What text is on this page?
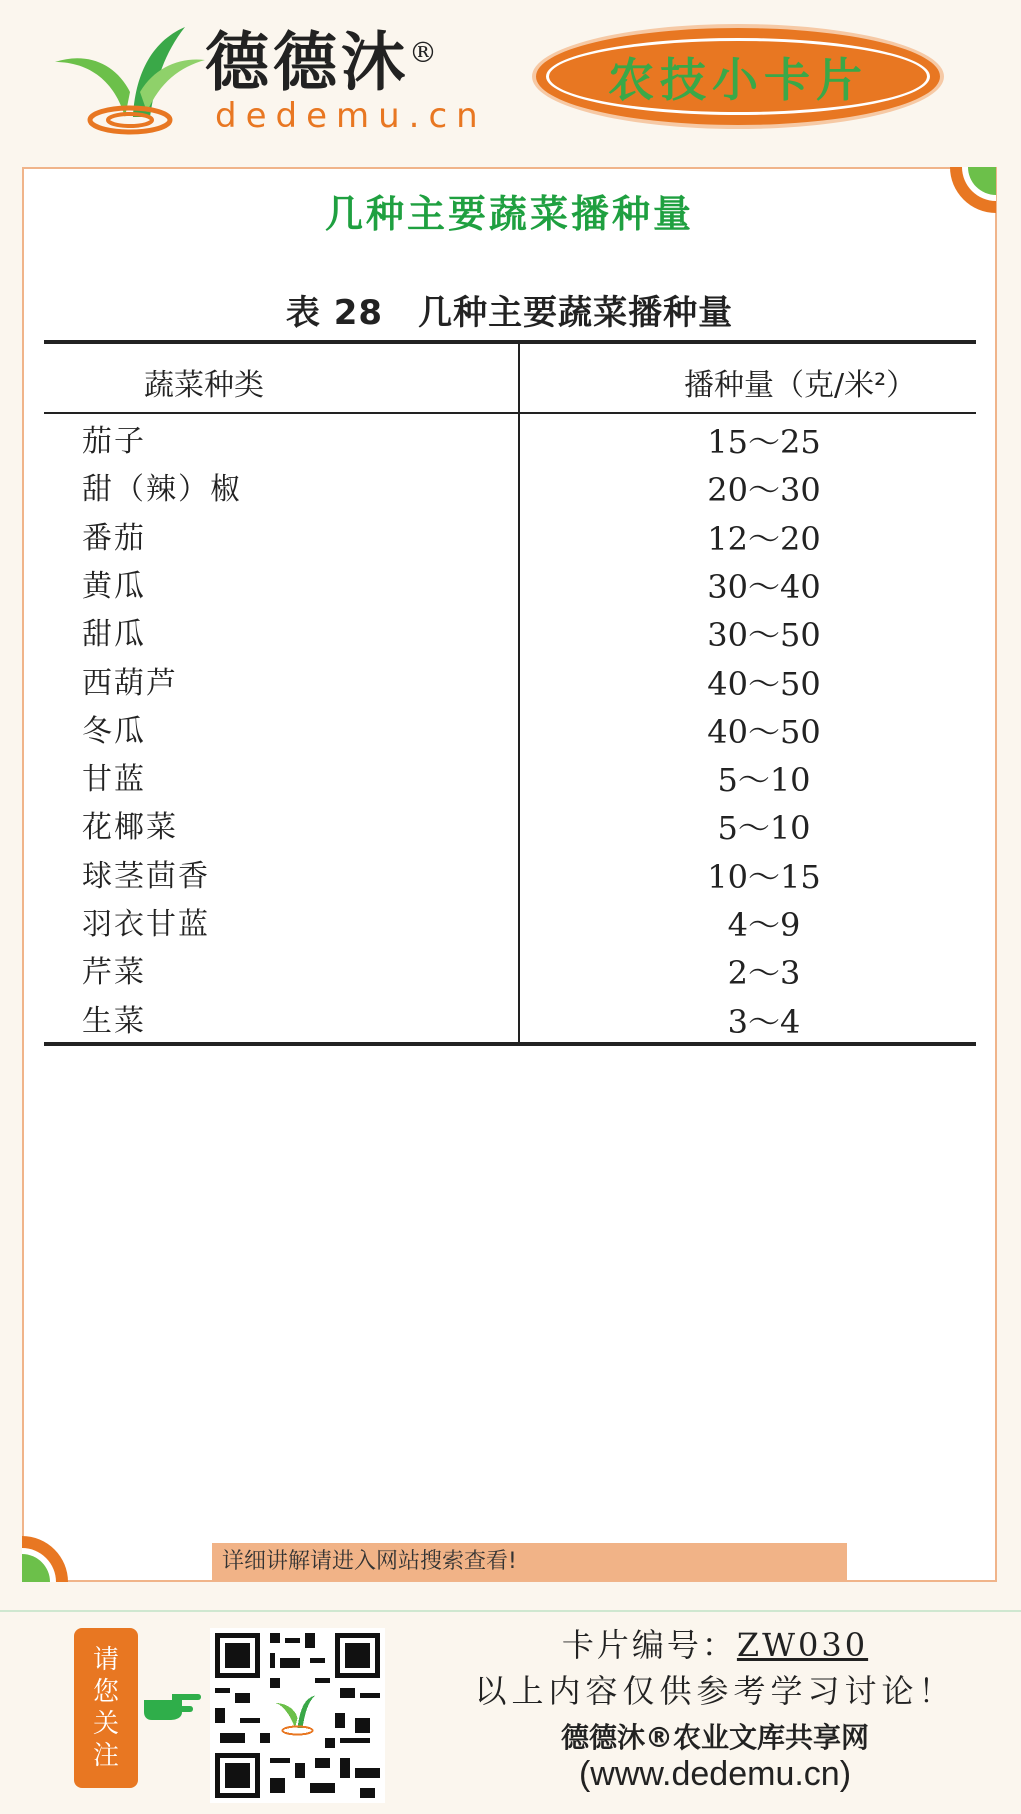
德德沐®
dedemu.cn
农技小卡片
几种主要蔬菜播种量
表 28　几种主要蔬菜播种量
蔬菜种类	播种量（克/米²）
茄子	15～25
甜（辣）椒	20～30
番茄	12～20
黄瓜	30～40
甜瓜	30～50
西葫芦	40～50
冬瓜	40～50
甘蓝	5～10
花椰菜	5～10
球茎茴香	10～15
羽衣甘蓝	4～9
芹菜	2～3
生菜	3～4
详细讲解请进入网站搜索查看!
请
您
关
注
卡片编号：ZW030
以上内容仅供参考学习讨论！
德德沐®农业文库共享网
(www.dedemu.cn)
